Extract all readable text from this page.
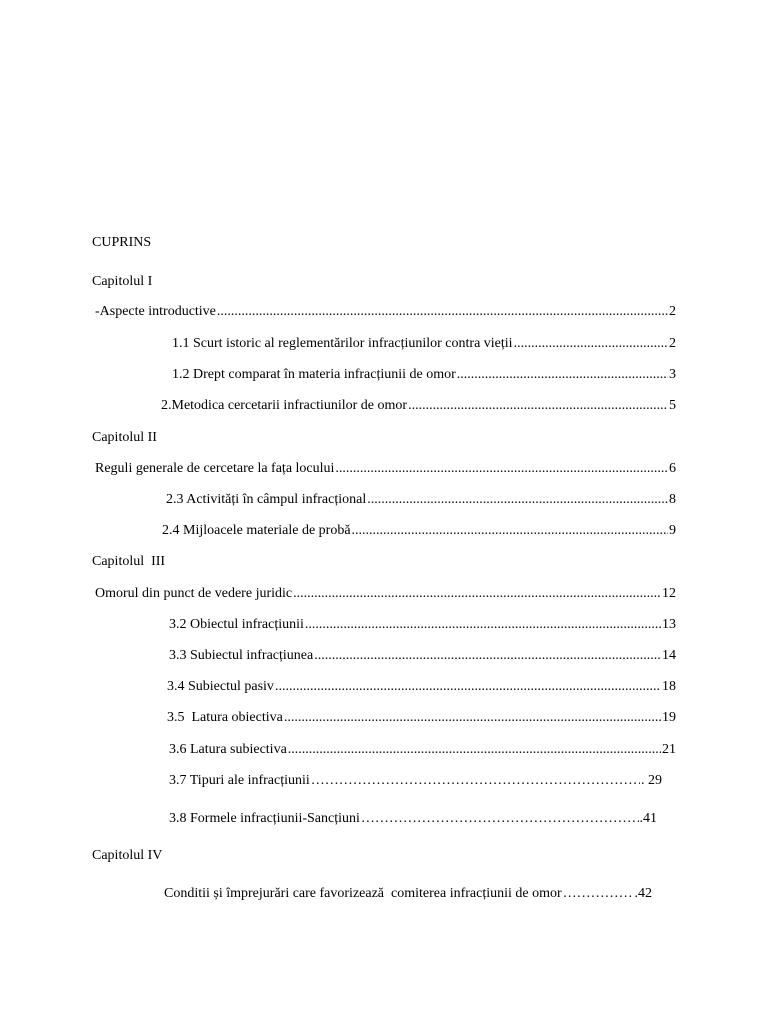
CUPRINS
Capitolul I
-Aspecte introductive .....	2
1.1 Scurt istoric al reglementărilor infracțiunilor contra vieții .....	2
1.2 Drept comparat în materia infracțiunii de omor .....	3
2.Metodica cercetarii infractiunilor de omor .....	5
Capitolul II
Reguli generale de cercetare la fața locului .....	6
2.3 Activități în câmpul infracțional .....	8
2.4 Mijloacele materiale de probă .....	9
Capitolul  III
Omorul din punct de vedere juridic .....	12
3.2 Obiectul infracțiunii .....	13
3.3 Subiectul infracțiunea .....	14
3.4 Subiectul pasiv .....	18
3.5  Latura obiectiva .....	19
3.6 Latura subiectiva .....	21
3.7 Tipuri ale infracțiunii ………………………………………………………………………………………………………………	. 29
3.8 Formele infracțiunii-Sancțiuni ………………………………………………………………………………………………………………	.41
Capitolul IV
Conditii și împrejurări care favorizează  comiterea infracțiunii de omor ………………………………………………………………………………………………………………	.42
